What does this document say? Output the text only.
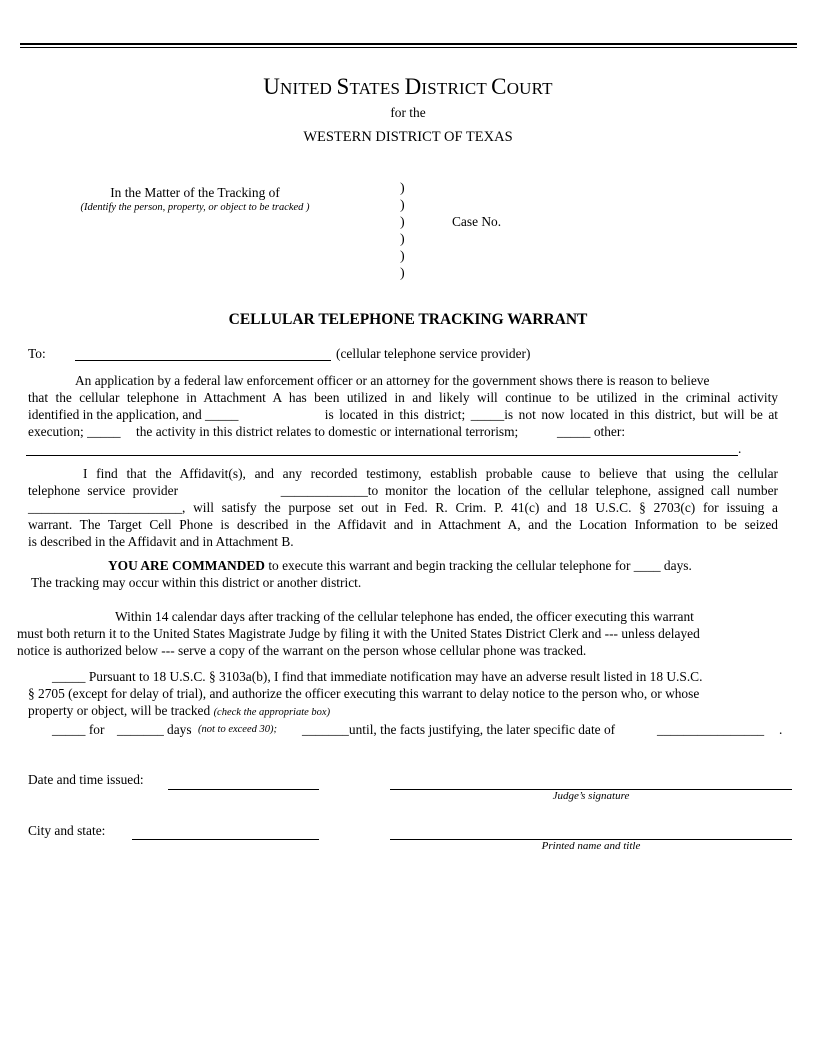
UNITED STATES DISTRICT COURT
for the
WESTERN DISTRICT OF TEXAS
In the Matter of the Tracking of
(Identify the person, property, or object to be tracked )
)
)
)
)
)
)
Case No.
CELLULAR TELEPHONE TRACKING WARRANT
To:	(cellular telephone service provider)
An application by a federal law enforcement officer or an attorney for the government shows there is reason to believe
that the cellular telephone in Attachment A has been utilized in and likely will continue to be utilized in the criminal activity
identified in the application, and _____	is located in this district; _____is not now located in this district, but will be at
execution; _____ the activity in this district relates to domestic or international terrorism;	_____ other:
.
I find that the Affidavit(s), and any recorded testimony, establish probable cause to believe that using the cellular
telephone service provider	_____________to monitor the location of the cellular telephone, assigned call number
_______________________, will satisfy the purpose set out in Fed. R. Crim. P. 41(c) and 18 U.S.C. § 2703(c) for issuing a
warrant. The Target Cell Phone is described in the Affidavit and in Attachment A, and the Location Information to be seized
is described in the Affidavit and in Attachment B.
YOU ARE COMMANDED to execute this warrant and begin tracking the cellular telephone for ____ days.
The tracking may occur within this district or another district.
Within 14 calendar days after tracking of the cellular telephone has ended, the officer executing this warrant
must both return it to the United States Magistrate Judge by filing it with the United States District Clerk and --- unless delayed
notice is authorized below --- serve a copy of the warrant on the person whose cellular phone was tracked.
_____ Pursuant to 18 U.S.C. § 3103a(b), I find that immediate notification may have an adverse result listed in 18 U.S.C.
§ 2705 (except for delay of trial), and authorize the officer executing this warrant to delay notice to the person who, or whose
property or object, will be tracked (check the appropriate box)
_____ for _______ days (not to exceed 30); _______until, the facts justifying, the later specific date of	________________ .
Date and time issued:
Judge’s signature
City and state:
Printed name and title
